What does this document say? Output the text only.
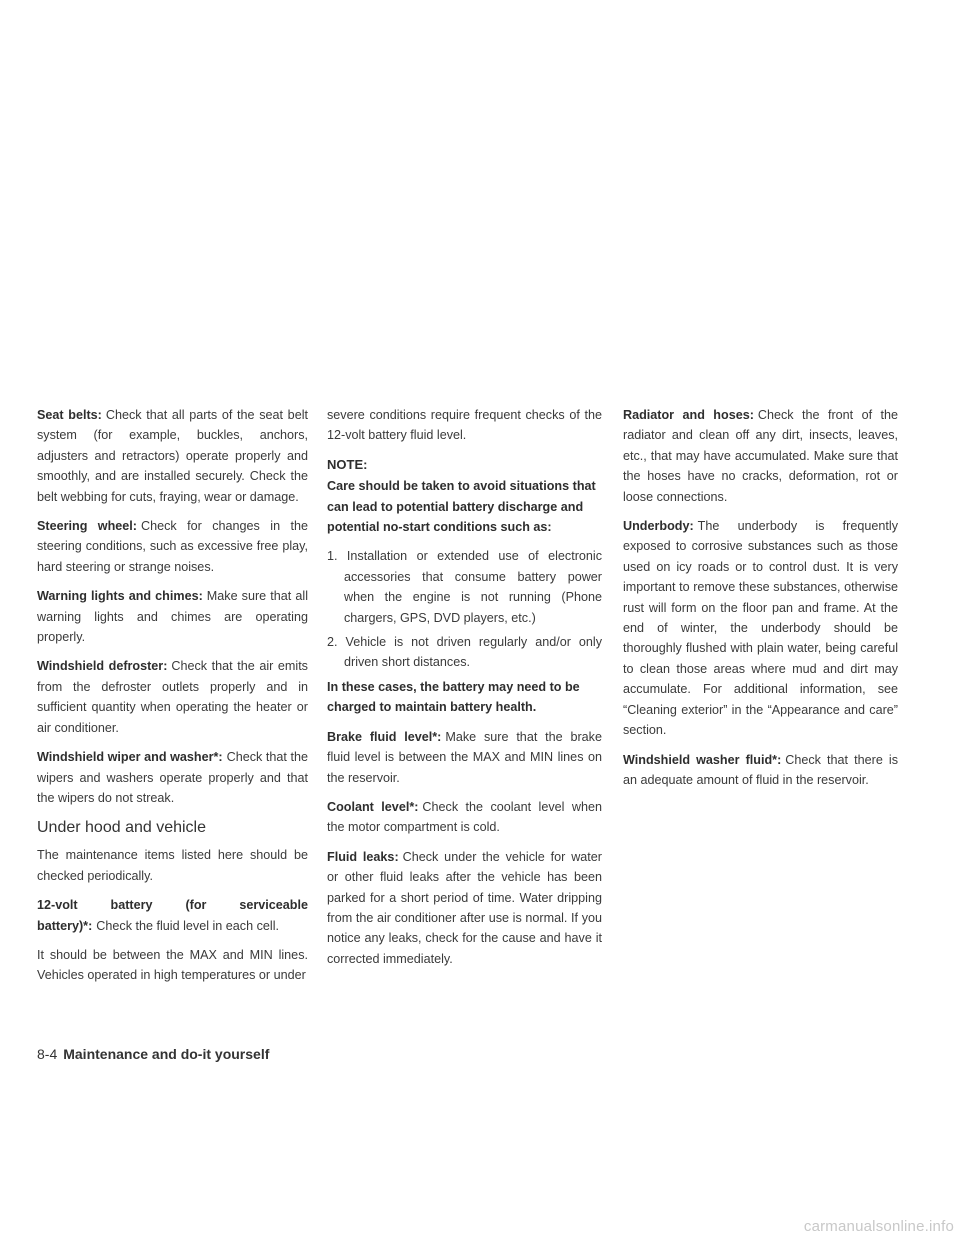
Seat belts: Check that all parts of the seat belt system (for example, buckles, anchors, adjusters and retractors) operate properly and smoothly, and are installed securely. Check the belt webbing for cuts, fraying, wear or damage.

Steering wheel: Check for changes in the steering conditions, such as excessive free play, hard steering or strange noises.

Warning lights and chimes: Make sure that all warning lights and chimes are operating properly.

Windshield defroster: Check that the air emits from the defroster outlets properly and in sufficient quantity when operating the heater or air conditioner.

Windshield wiper and washer*: Check that the wipers and washers operate properly and that the wipers do not streak.

Under hood and vehicle

The maintenance items listed here should be checked periodically.

12-volt battery (for serviceable battery)*: Check the fluid level in each cell.

It should be between the MAX and MIN lines. Vehicles operated in high temperatures or under

severe conditions require frequent checks of the 12-volt battery fluid level.

NOTE:

Care should be taken to avoid situations that can lead to potential battery discharge and potential no-start conditions such as:

1. Installation or extended use of electronic accessories that consume battery power when the engine is not running (Phone chargers, GPS, DVD players, etc.)
2. Vehicle is not driven regularly and/or only driven short distances.

In these cases, the battery may need to be charged to maintain battery health.

Brake fluid level*: Make sure that the brake fluid level is between the MAX and MIN lines on the reservoir.

Coolant level*: Check the coolant level when the motor compartment is cold.

Fluid leaks: Check under the vehicle for water or other fluid leaks after the vehicle has been parked for a short period of time. Water dripping from the air conditioner after use is normal. If you notice any leaks, check for the cause and have it corrected immediately.

Radiator and hoses: Check the front of the radiator and clean off any dirt, insects, leaves, etc., that may have accumulated. Make sure that the hoses have no cracks, deformation, rot or loose connections.

Underbody: The underbody is frequently exposed to corrosive substances such as those used on icy roads or to control dust. It is very important to remove these substances, otherwise rust will form on the floor pan and frame. At the end of winter, the underbody should be thoroughly flushed with plain water, being careful to clean those areas where mud and dirt may accumulate. For additional information, see “Cleaning exterior” in the “Appearance and care” section.

Windshield washer fluid*: Check that there is an adequate amount of fluid in the reservoir.

8-4 Maintenance and do-it yourself
carmanualsonline.info
